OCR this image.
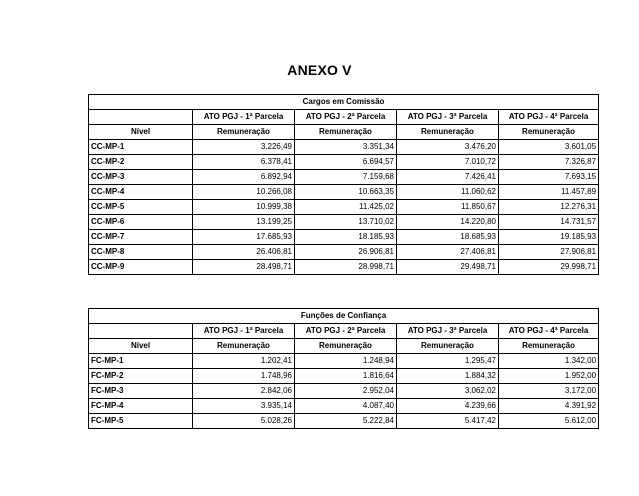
ANEXO V
Cargos em Comissão				
	ATO PGJ - 1ª Parcela	ATO PGJ - 2ª Parcela	ATO PGJ - 3ª Parcela	ATO PGJ - 4ª Parcela
Nível	Remuneração	Remuneração	Remuneração	Remuneração
CC-MP-1	3.226,49	3.351,34	3.476,20	3.601,05
CC-MP-2	6.378,41	6.694,57	7.010,72	7.326,87
CC-MP-3	6.892,94	7.159,68	7.426,41	7.693,15
CC-MP-4	10.266,08	10.663,35	11.060,62	11.457,89
CC-MP-5	10.999,38	11.425,02	11.850,67	12.276,31
CC-MP-6	13.199,25	13.710,02	14.220,80	14.731,57
CC-MP-7	17.685,93	18.185,93	18.685,93	19.185,93
CC-MP-8	26.406,81	26.906,81	27.406,81	27.906,81
CC-MP-9	28.498,71	28.998,71	29.498,71	29.998,71
Funções de Confiança				
	ATO PGJ - 1ª Parcela	ATO PGJ - 2ª Parcela	ATO PGJ - 3ª Parcela	ATO PGJ - 4ª Parcela
Nível	Remuneração	Remuneração	Remuneração	Remuneração
FC-MP-1	1.202,41	1.248,94	1.295,47	1.342,00
FC-MP-2	1.748,96	1.816,64	1.884,32	1.952,00
FC-MP-3	2.842,06	2.952,04	3.062,02	3.172,00
FC-MP-4	3.935,14	4.087,40	4.239,66	4.391,92
FC-MP-5	5.028,26	5.222,84	5.417,42	5.612,00
